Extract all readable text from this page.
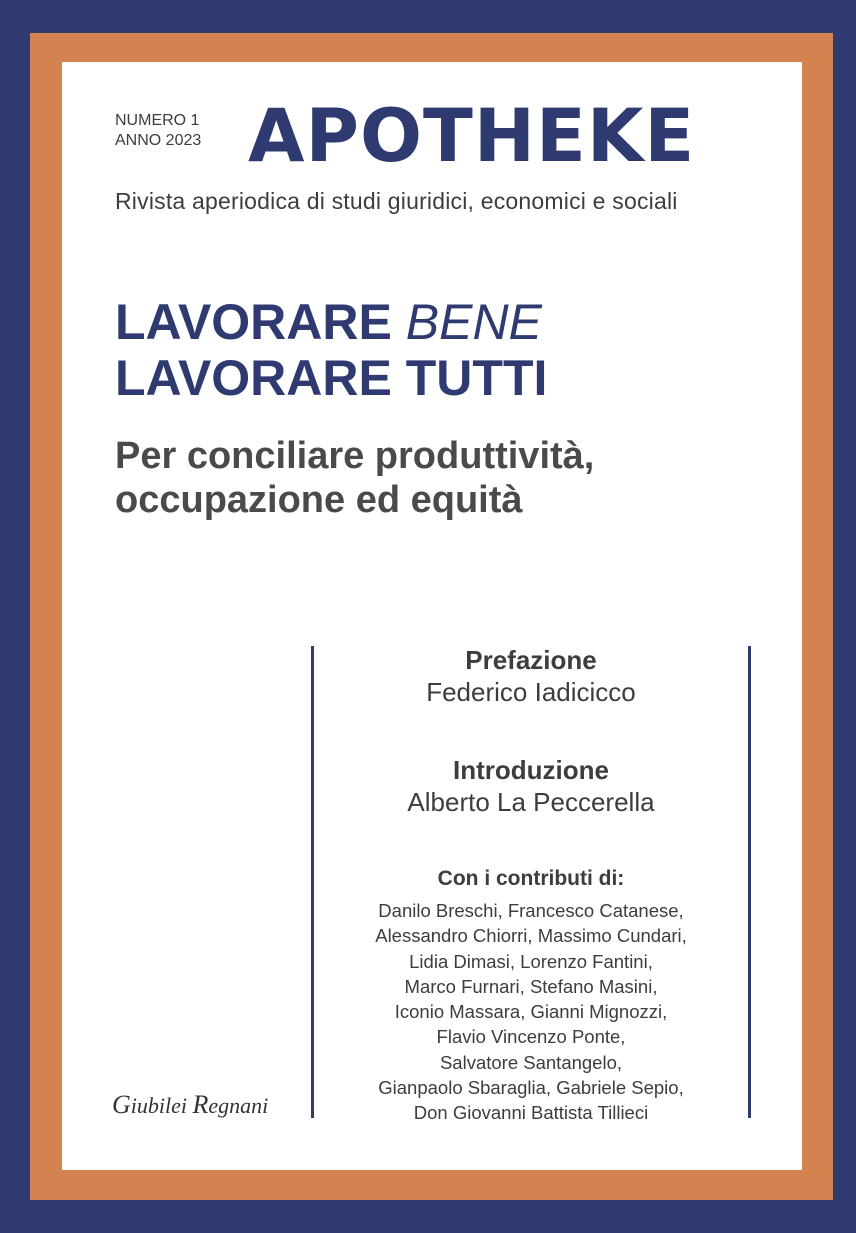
NUMERO 1
ANNO 2023 APOTHEKE
Rivista aperiodica di studi giuridici, economici e sociali
LAVORARE BENE
LAVORARE TUTTI
Per conciliare produttività,
occupazione ed equità
Prefazione
Federico Iadicicco
Introduzione
Alberto La Peccerella
Con i contributi di:
Danilo Breschi, Francesco Catanese,
Alessandro Chiorri, Massimo Cundari,
Lidia Dimasi, Lorenzo Fantini,
Marco Furnari, Stefano Masini,
Iconio Massara, Gianni Mignozzi,
Flavio Vincenzo Ponte,
Salvatore Santangelo,
Gianpaolo Sbaraglia, Gabriele Sepio,
Don Giovanni Battista Tillieci
Giubilei Regnani
